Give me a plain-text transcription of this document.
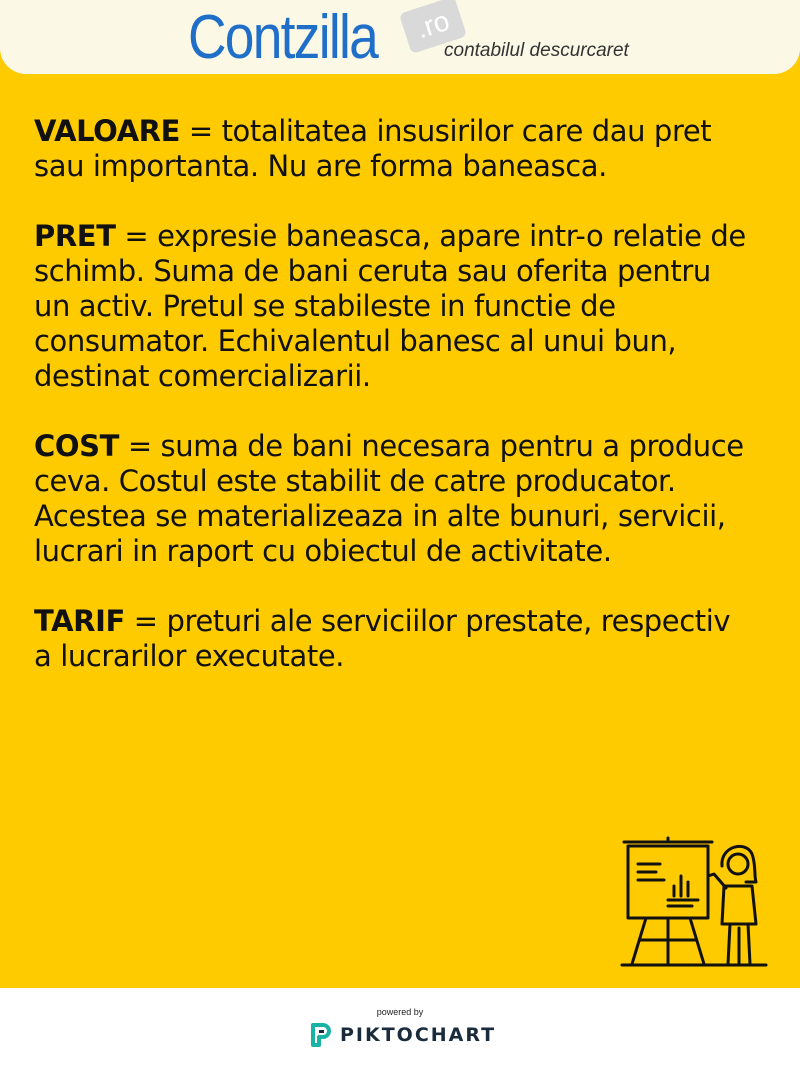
Contzilla	.ro
contabilul descurcaret

VALOARE = totalitatea insusirilor care dau pret sau importanta. Nu are forma baneasca.

PRET = expresie baneasca, apare intr-o relatie de schimb. Suma de bani ceruta sau oferita pentru un activ. Pretul se stabileste in functie de consumator. Echivalentul banesc al unui bun, destinat comercializarii.

COST = suma de bani necesara pentru a produce ceva. Costul este stabilit de catre producator. Acestea se materializeaza in alte bunuri, servicii, lucrari in raport cu obiectul de activitate.

TARIF = preturi ale serviciilor prestate, respectiv a lucrarilor executate.

powered by
PIKTOCHART
